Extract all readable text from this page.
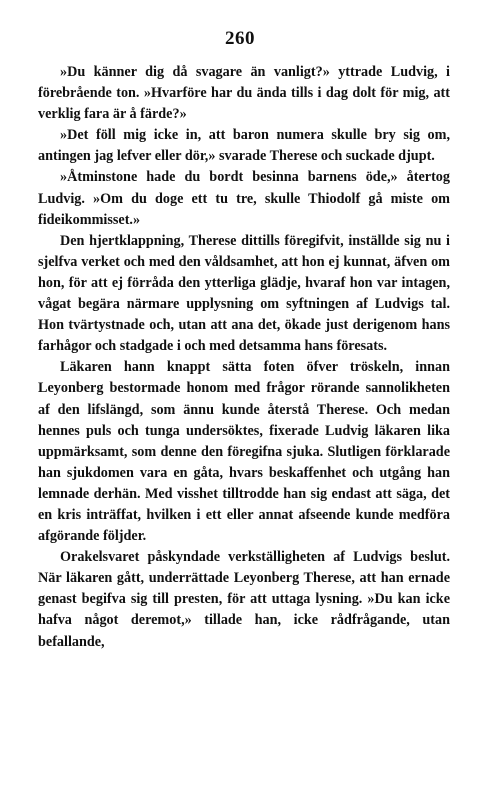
260

»Du känner dig då svagare än vanligt?» yttrade Ludvig, i förebrående ton. »Hvarföre har du ända tills i dag dolt för mig, att verklig fara är å färde?»

»Det föll mig icke in, att baron numera skulle bry sig om, antingen jag lefver eller dör,» svarade Therese och suckade djupt.

»Åtminstone hade du bordt besinna barnens öde,» återtog Ludvig. »Om du doge ett tu tre, skulle Thiodolf gå miste om fideikommisset.»

Den hjertklappning, Therese dittills föregifvit, inställde sig nu i sjelfva verket och med den våldsamhet, att hon ej kunnat, äfven om hon, för att ej förråda den ytterliga glädje, hvaraf hon var intagen, vågat begära närmare upplysning om syftningen af Ludvigs tal. Hon tvärtystnade och, utan att ana det, ökade just derigenom hans farhågor och stadgade i och med detsamma hans föresats.

Läkaren hann knappt sätta foten öfver tröskeln, innan Leyonberg bestormade honom med frågor rörande sannolikheten af den lifslängd, som ännu kunde återstå Therese. Och medan hennes puls och tunga undersöktes, fixerade Ludvig läkaren lika uppmärksamt, som denne den föregifna sjuka. Slutligen förklarade han sjukdomen vara en gåta, hvars beskaffenhet och utgång han lemnade derhän. Med visshet tilltrodde han sig endast att säga, det en kris inträffat, hvilken i ett eller annat afseende kunde medföra afgörande följder.

Orakelsvaret påskyndade verkställigheten af Ludvigs beslut. När läkaren gått, underrättade Leyonberg Therese, att han ernade genast begifva sig till presten, för att uttaga lysning. »Du kan icke hafva något deremot,» tillade han, icke rådfrågande, utan befallande,
